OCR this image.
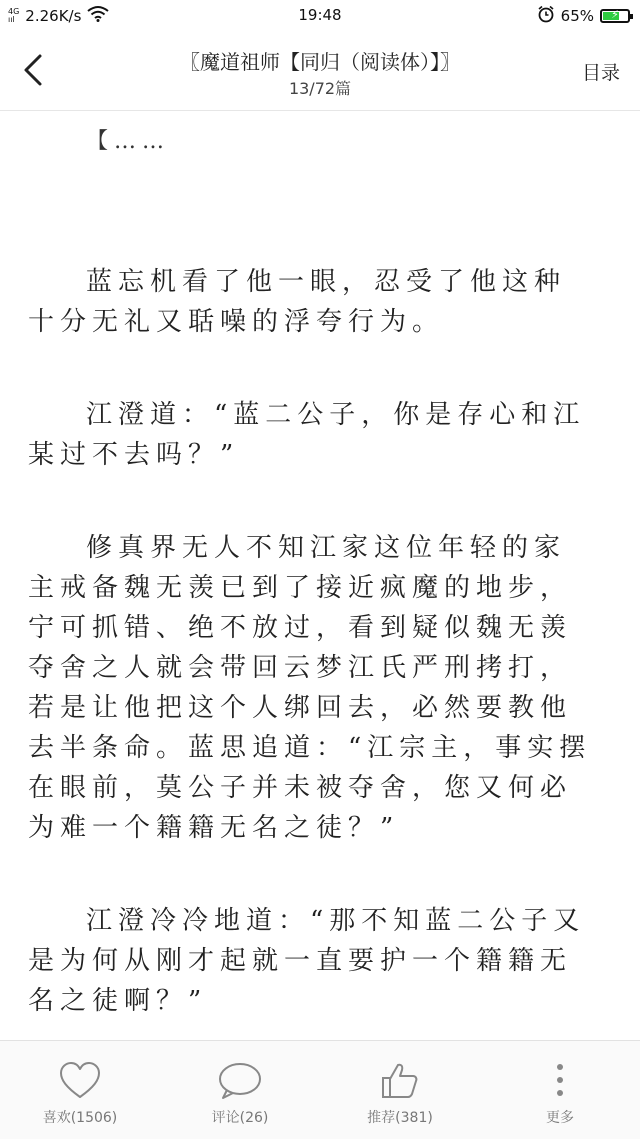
4G
ııl 2.26K/s	19:48	65%	⚡
〖魔道祖师【同归（阅读体）】〗
13/72篇
目录

【……

蓝忘机看了他一眼，忍受了他这种十分无礼又聒噪的浮夸行为。

江澄道：“蓝二公子，你是存心和江某过不去吗？”

修真界无人不知江家这位年轻的家主戒备魏无羡已到了接近疯魔的地步，宁可抓错、绝不放过，看到疑似魏无羡夺舍之人就会带回云梦江氏严刑拷打，若是让他把这个人绑回去，必然要教他去半条命。蓝思追道：“江宗主，事实摆在眼前，莫公子并未被夺舍，您又何必为难一个籍籍无名之徒？”

江澄冷冷地道：“那不知蓝二公子又是为何从刚才起就一直要护一个籍籍无名之徒啊？”

喜欢(1506)	评论(26)	推荐(381)	更多
